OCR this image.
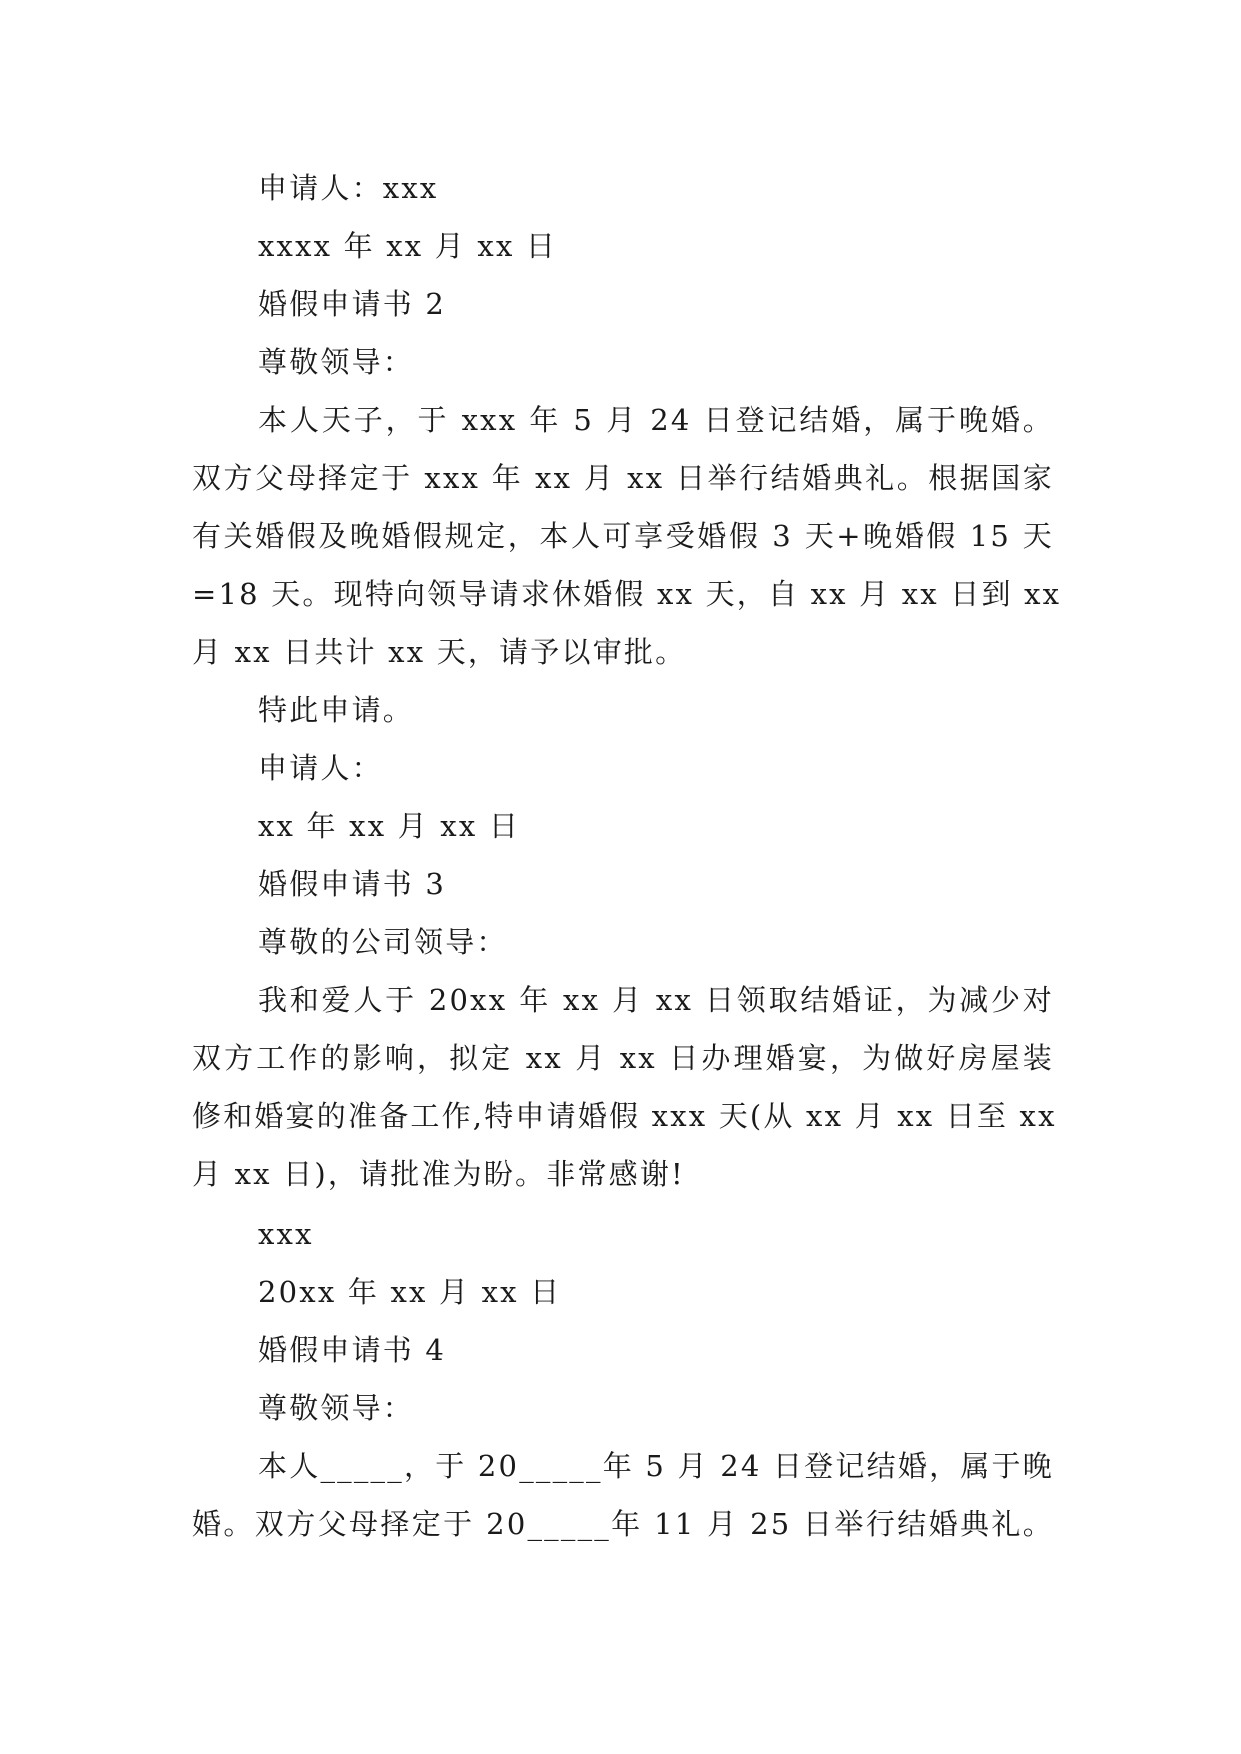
申请人：xxx
xxxx 年 xx 月 xx 日
婚假申请书 2
尊敬领导：
本人天子，于 xxx 年 5 月 24 日登记结婚，属于晚婚。
双方父母择定于 xxx 年 xx 月 xx 日举行结婚典礼。根据国家
有关婚假及晚婚假规定，本人可享受婚假 3 天+晚婚假 15 天
=18 天。现特向领导请求休婚假 xx 天，自 xx 月 xx 日到 xx
月 xx 日共计 xx 天，请予以审批。
特此申请。
申请人：
xx 年 xx 月 xx 日
婚假申请书 3
尊敬的公司领导：
我和爱人于 20xx 年 xx 月 xx 日领取结婚证，为减少对
双方工作的影响，拟定 xx 月 xx 日办理婚宴，为做好房屋装
修和婚宴的准备工作,特申请婚假 xxx 天(从 xx 月 xx 日至 xx
月 xx 日)，请批准为盼。非常感谢!
xxx
20xx 年 xx 月 xx 日
婚假申请书 4
尊敬领导：
本人_____，于 20_____年 5 月 24 日登记结婚，属于晚
婚。双方父母择定于 20_____年 11 月 25 日举行结婚典礼。
